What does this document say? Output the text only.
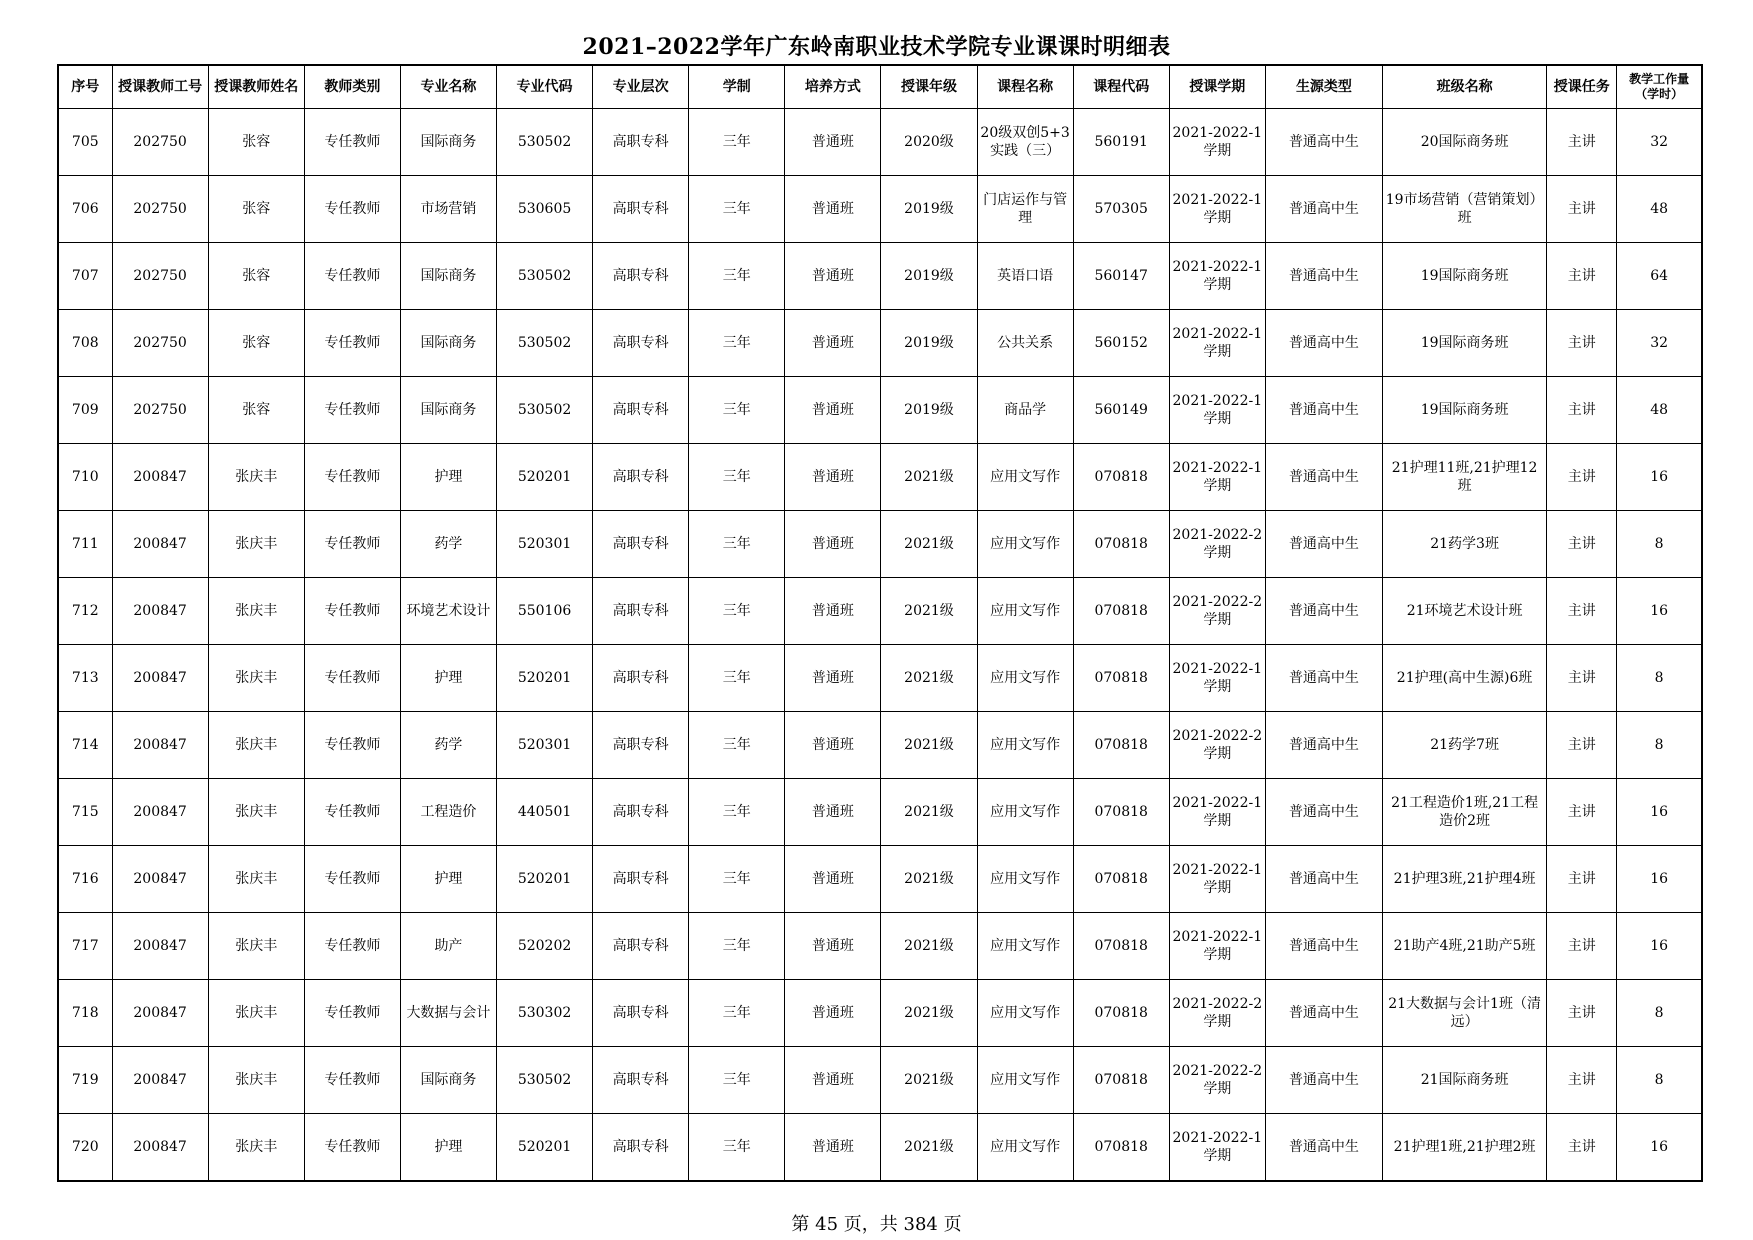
2021–2022学年广东岭南职业技术学院专业课课时明细表
序号	授课教师工号	授课教师姓名	教师类别	专业名称	专业代码	专业层次	学制	培养方式	授课年级	课程名称	课程代码	授课学期	生源类型	班级名称	授课任务	教学工作量（学时）
705	202750	张容	专任教师	国际商务	530502	高职专科	三年	普通班	2020级	20级双创5+3实践（三）	560191	2021-2022-1学期	普通高中生	20国际商务班	主讲	32
706	202750	张容	专任教师	市场营销	530605	高职专科	三年	普通班	2019级	门店运作与管理	570305	2021-2022-1学期	普通高中生	19市场营销（营销策划）班	主讲	48
707	202750	张容	专任教师	国际商务	530502	高职专科	三年	普通班	2019级	英语口语	560147	2021-2022-1学期	普通高中生	19国际商务班	主讲	64
708	202750	张容	专任教师	国际商务	530502	高职专科	三年	普通班	2019级	公共关系	560152	2021-2022-1学期	普通高中生	19国际商务班	主讲	32
709	202750	张容	专任教师	国际商务	530502	高职专科	三年	普通班	2019级	商品学	560149	2021-2022-1学期	普通高中生	19国际商务班	主讲	48
710	200847	张庆丰	专任教师	护理	520201	高职专科	三年	普通班	2021级	应用文写作	070818	2021-2022-1学期	普通高中生	21护理11班,21护理12班	主讲	16
711	200847	张庆丰	专任教师	药学	520301	高职专科	三年	普通班	2021级	应用文写作	070818	2021-2022-2学期	普通高中生	21药学3班	主讲	8
712	200847	张庆丰	专任教师	环境艺术设计	550106	高职专科	三年	普通班	2021级	应用文写作	070818	2021-2022-2学期	普通高中生	21环境艺术设计班	主讲	16
713	200847	张庆丰	专任教师	护理	520201	高职专科	三年	普通班	2021级	应用文写作	070818	2021-2022-1学期	普通高中生	21护理(高中生源)6班	主讲	8
714	200847	张庆丰	专任教师	药学	520301	高职专科	三年	普通班	2021级	应用文写作	070818	2021-2022-2学期	普通高中生	21药学7班	主讲	8
715	200847	张庆丰	专任教师	工程造价	440501	高职专科	三年	普通班	2021级	应用文写作	070818	2021-2022-1学期	普通高中生	21工程造价1班,21工程造价2班	主讲	16
716	200847	张庆丰	专任教师	护理	520201	高职专科	三年	普通班	2021级	应用文写作	070818	2021-2022-1学期	普通高中生	21护理3班,21护理4班	主讲	16
717	200847	张庆丰	专任教师	助产	520202	高职专科	三年	普通班	2021级	应用文写作	070818	2021-2022-1学期	普通高中生	21助产4班,21助产5班	主讲	16
718	200847	张庆丰	专任教师	大数据与会计	530302	高职专科	三年	普通班	2021级	应用文写作	070818	2021-2022-2学期	普通高中生	21大数据与会计1班（清远）	主讲	8
719	200847	张庆丰	专任教师	国际商务	530502	高职专科	三年	普通班	2021级	应用文写作	070818	2021-2022-2学期	普通高中生	21国际商务班	主讲	8
720	200847	张庆丰	专任教师	护理	520201	高职专科	三年	普通班	2021级	应用文写作	070818	2021-2022-1学期	普通高中生	21护理1班,21护理2班	主讲	16
第 45 页，共 384 页
